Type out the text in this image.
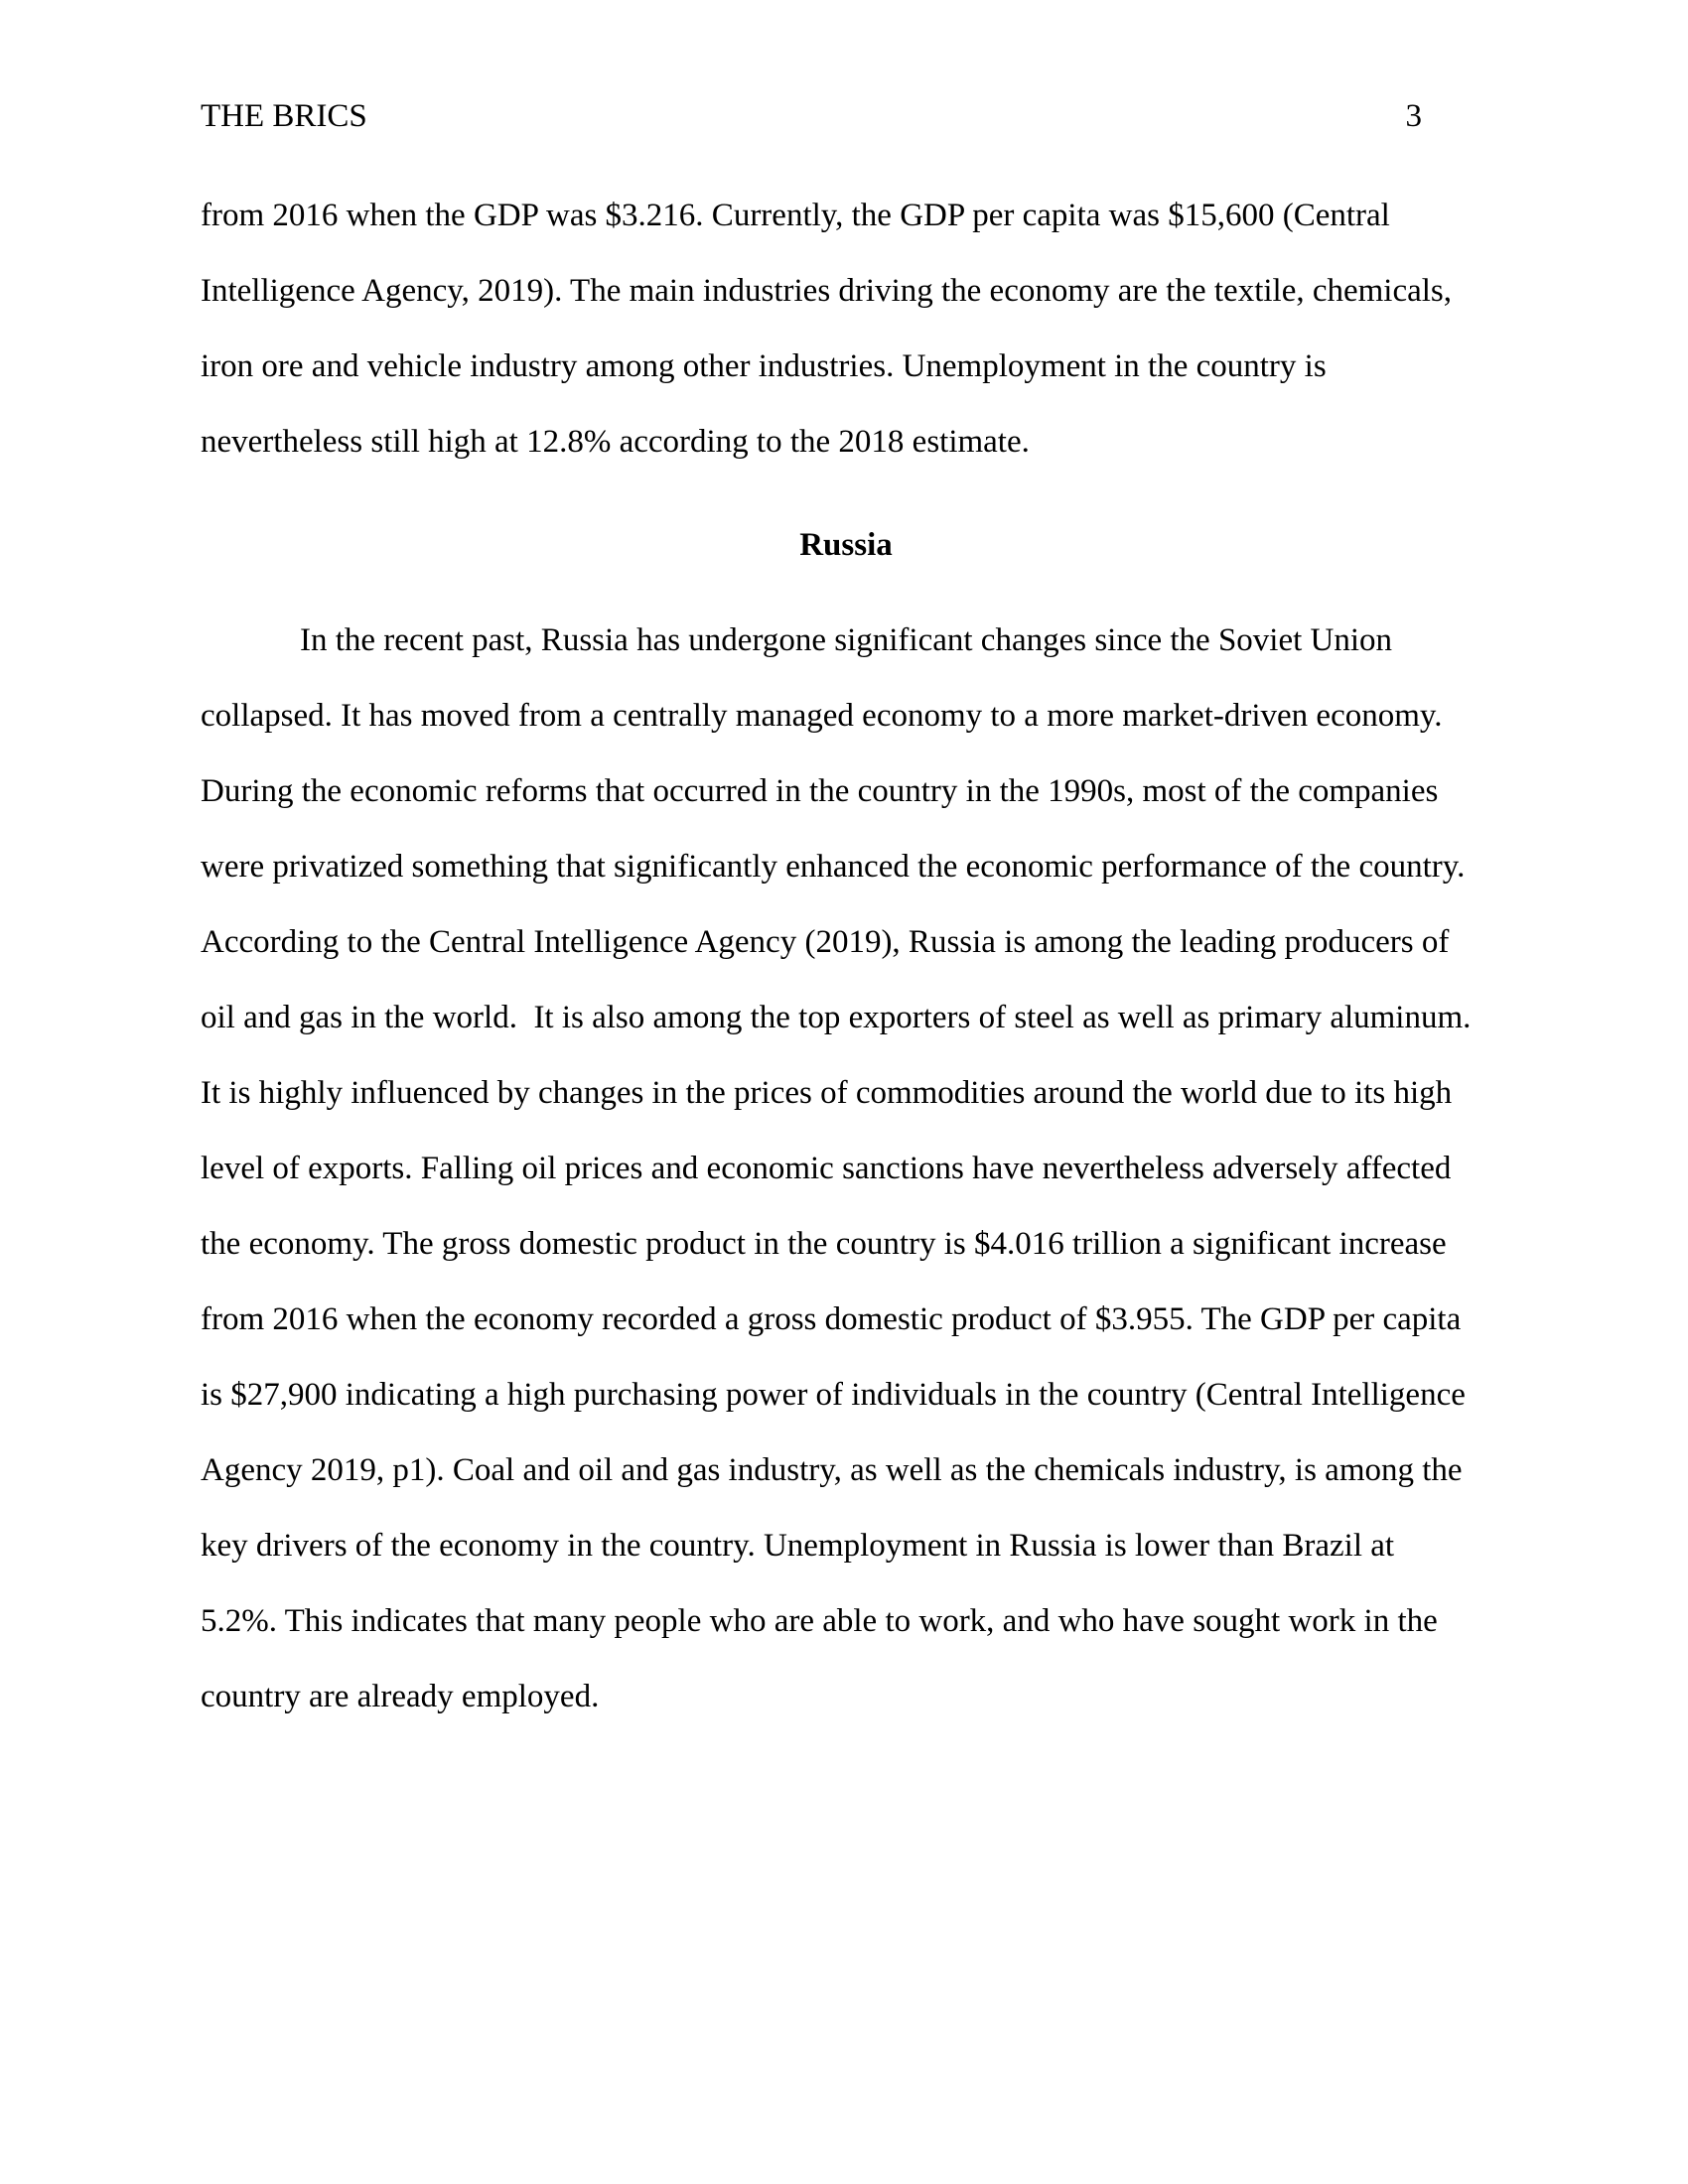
THE BRICS	3
from 2016 when the GDP was $3.216. Currently, the GDP per capita was $15,600 (Central
Intelligence Agency, 2019). The main industries driving the economy are the textile, chemicals,
iron ore and vehicle industry among other industries. Unemployment in the country is
nevertheless still high at 12.8% according to the 2018 estimate.
Russia
In the recent past, Russia has undergone significant changes since the Soviet Union
collapsed. It has moved from a centrally managed economy to a more market-driven economy.
During the economic reforms that occurred in the country in the 1990s, most of the companies
were privatized something that significantly enhanced the economic performance of the country.
According to the Central Intelligence Agency (2019), Russia is among the leading producers of
oil and gas in the world.  It is also among the top exporters of steel as well as primary aluminum.
It is highly influenced by changes in the prices of commodities around the world due to its high
level of exports. Falling oil prices and economic sanctions have nevertheless adversely affected
the economy. The gross domestic product in the country is $4.016 trillion a significant increase
from 2016 when the economy recorded a gross domestic product of $3.955. The GDP per capita
is $27,900 indicating a high purchasing power of individuals in the country (Central Intelligence
Agency 2019, p1). Coal and oil and gas industry, as well as the chemicals industry, is among the
key drivers of the economy in the country. Unemployment in Russia is lower than Brazil at
5.2%. This indicates that many people who are able to work, and who have sought work in the
country are already employed.
